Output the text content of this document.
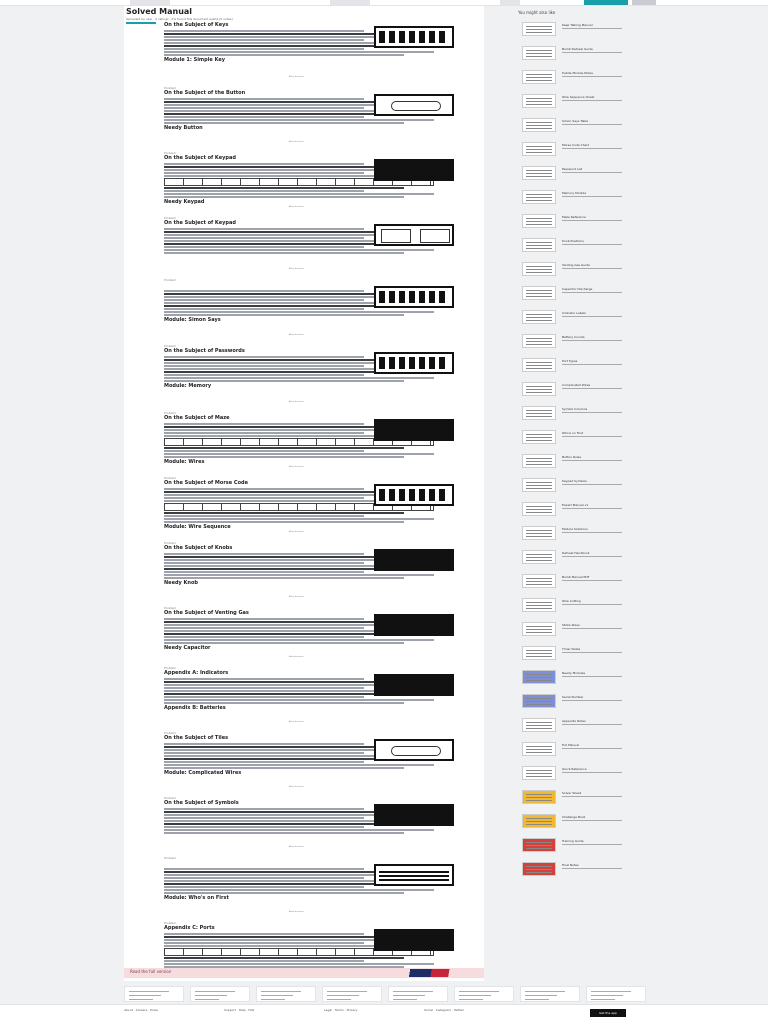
Solved Manual
Uploaded by user · 0 ratings · 0% found this document useful (0 votes)
On the Subject of Keys
Module 1: Simple Key
Advertisement
Problem
On the Subject of the Button
Needy Button
Advertisement
Problem
On the Subject of Keypad
Needy Keypad
Advertisement
Problem
On the Subject of Keypad
Advertisement
Problem
Module: Simon Says
Advertisement
Problem
On the Subject of Passwords
Module: Memory
Advertisement
Problem
On the Subject of Maze
Module: Wires
Advertisement
Problem
On the Subject of Morse Code
Module: Wire Sequence
Advertisement
Problem
On the Subject of Knobs
Needy Knob
Advertisement
Problem
On the Subject of Venting Gas
Needy Capacitor
Advertisement
Problem
Appendix A: Indicators
Appendix B: Batteries
Advertisement
Problem
On the Subject of Tiles
Module: Complicated Wires
Advertisement
Problem
On the Subject of Symbols
Advertisement
Problem
Module: Who's on First
Advertisement
Problem
Appendix C: Ports
Read the full version
You might also like
Keep Talking Manual
Bomb Defusal Guide
Puzzle Module Notes
Wire Sequence Cheat
Simon Says Table
Morse Code Chart
Password List
Memory Module
Maze Reference
Knob Positions
Venting Gas Guide
Capacitor Discharge
Indicator Labels
Battery Counts
Port Types
Complicated Wires
Symbol Columns
Who's on First
Button Rules
Keypad Symbols
Expert Manual v1
Module Solutions
Defusal Handbook
Bomb Manual PDF
Wire Cutting
Strike Rules
Timer Notes
Needy Modules
Serial Number
Appendix Notes
Full Manual
Quick Reference
Solver Sheet
Challenge Book
Training Guide
Final Notes
About · Careers · Press	Support · Help · FAQ	Legal · Terms · Privacy	Social · Instagram · Twitter
Get the app
